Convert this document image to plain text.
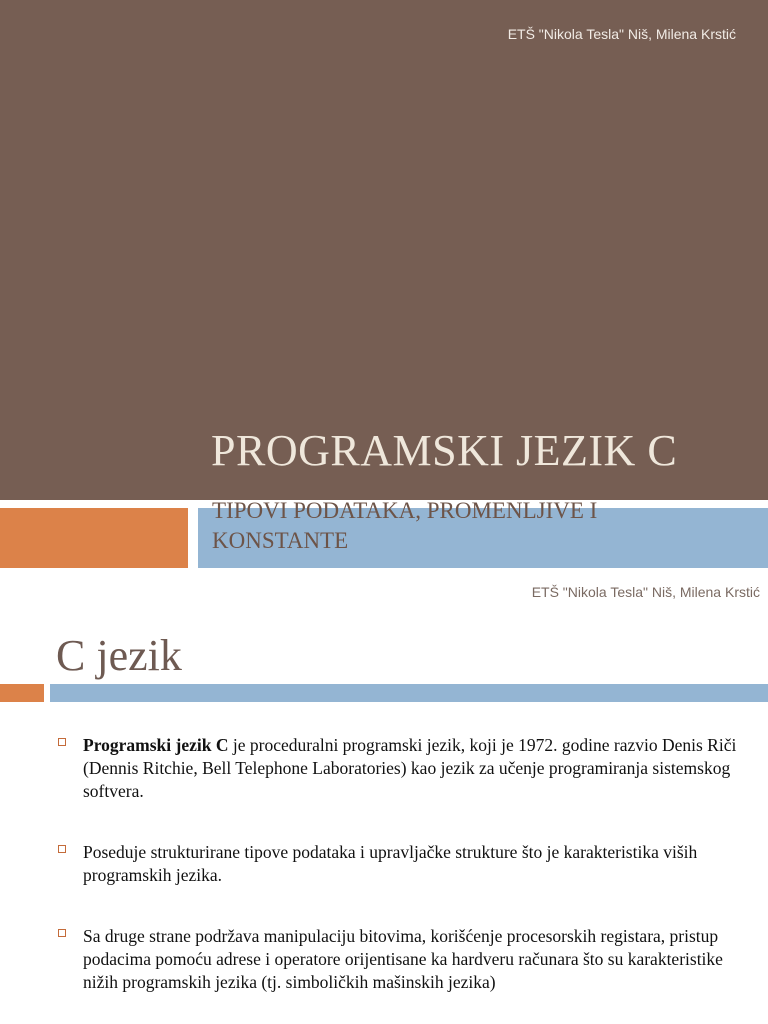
ETŠ "Nikola Tesla" Niš, Milena Krstić
PROGRAMSKI JEZIK C
TIPOVI PODATAKA, PROMENLJIVE I KONSTANTE
ETŠ "Nikola Tesla" Niš, Milena Krstić
C jezik
Programski jezik C je proceduralni programski jezik, koji je 1972. godine razvio Denis Riči (Dennis Ritchie, Bell Telephone Laboratories) kao jezik za učenje programiranja sistemskog softvera.
Poseduje strukturirane tipove podataka i upravljačke strukture što je karakteristika viših programskih jezika.
Sa druge strane podržava manipulaciju bitovima, korišćenje procesorskih registara, pristup podacima pomoću adrese i operatore orijentisane ka hardveru računara što su karakteristike nižih programskih jezika (tj. simboličkih mašinskih jezika)
